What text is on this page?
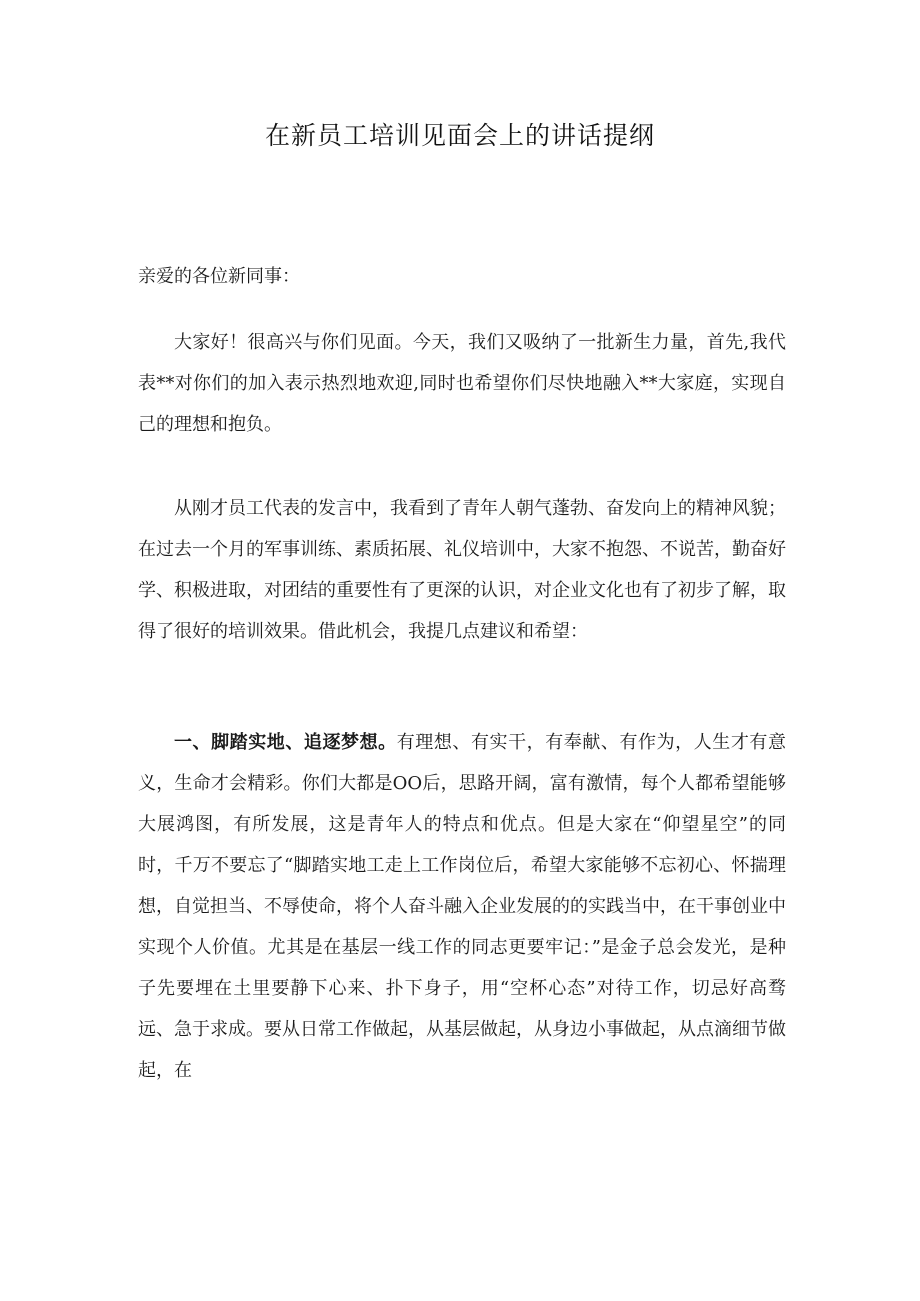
在新员工培训见面会上的讲话提纲

亲爱的各位新同事：

大家好！很高兴与你们见面。今天，我们又吸纳了一批新生力量，首先,我代表**对你们的加入表示热烈地欢迎,同时也希望你们尽快地融入**大家庭，实现自己的理想和抱负。

从刚才员工代表的发言中，我看到了青年人朝气蓬勃、奋发向上的精神风貌；在过去一个月的军事训练、素质拓展、礼仪培训中，大家不抱怨、不说苦，勤奋好学、积极进取，对团结的重要性有了更深的认识，对企业文化也有了初步了解，取得了很好的培训效果。借此机会，我提几点建议和希望：

一、脚踏实地、追逐梦想。有理想、有实干，有奉献、有作为，人生才有意义，生命才会精彩。你们大都是OO后，思路开阔，富有激情，每个人都希望能够大展鸿图，有所发展，这是青年人的特点和优点。但是大家在“仰望星空”的同时，千万不要忘了“脚踏实地工走上工作岗位后，希望大家能够不忘初心、怀揣理想，自觉担当、不辱使命，将个人奋斗融入企业发展的的实践当中，在干事创业中实现个人价值。尤其是在基层一线工作的同志更要牢记：”是金子总会发光，是种子先要埋在土里要静下心来、扑下身子，用“空杯心态”对待工作，切忌好高骛远、急于求成。要从日常工作做起，从基层做起，从身边小事做起，从点滴细节做起，在
